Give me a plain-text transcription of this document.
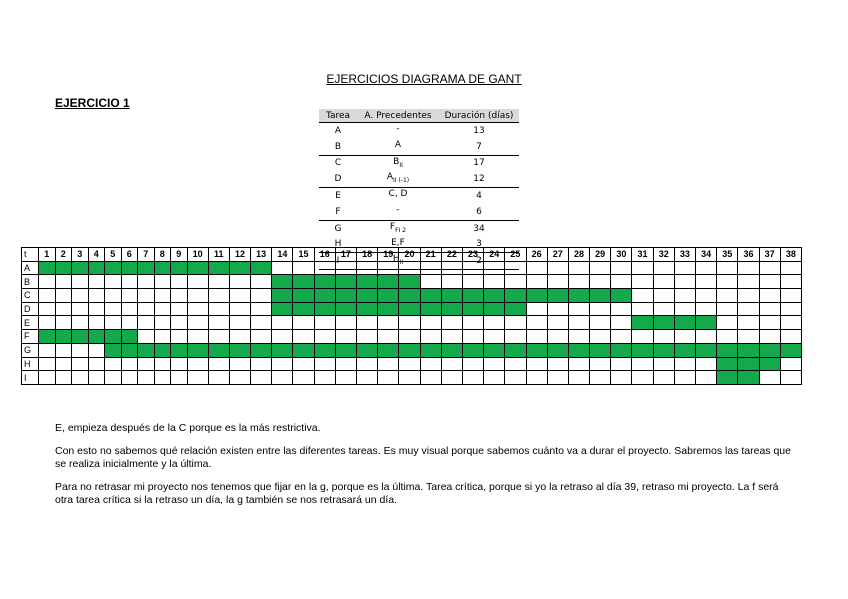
EJERCICIOS DIAGRAMA DE GANT
EJERCICIO 1
Tarea	A. Precedentes	Duración (días)
A	-	13
B	A	7
C	$B_{II}$	17
D	$A_{II (-1)}$	12
E	C, D	4
F	-	6
G	$F_{FI 2}$	34
H	E,F	3
I	$H_{II}$	2
t	1	2	3	4	5	6	7	8	9	10	11	12	13	14	15	16	17	18	19	20	21	22	23	24	25	26	27	28	29	30	31	32	33	34	35	36	37	38
A																																						
B																																						
C																																						
D																																						
E																																						
F																																						
G																																						
H																																						
I																																						

E, empieza después de la C porque es la más restrictiva.

Con esto no sabemos qué relación existen entre las diferentes tareas. Es muy visual porque sabemos cuánto va a durar el proyecto. Sabremos las tareas que se realiza inicialmente y la última.

Para no retrasar mi proyecto nos tenemos que fijar en la g, porque es la última. Tarea crítica, porque si yo la retraso al día 39, retraso mi proyecto. La f será otra tarea crítica si la retraso un día, la g también se nos retrasará un día.
